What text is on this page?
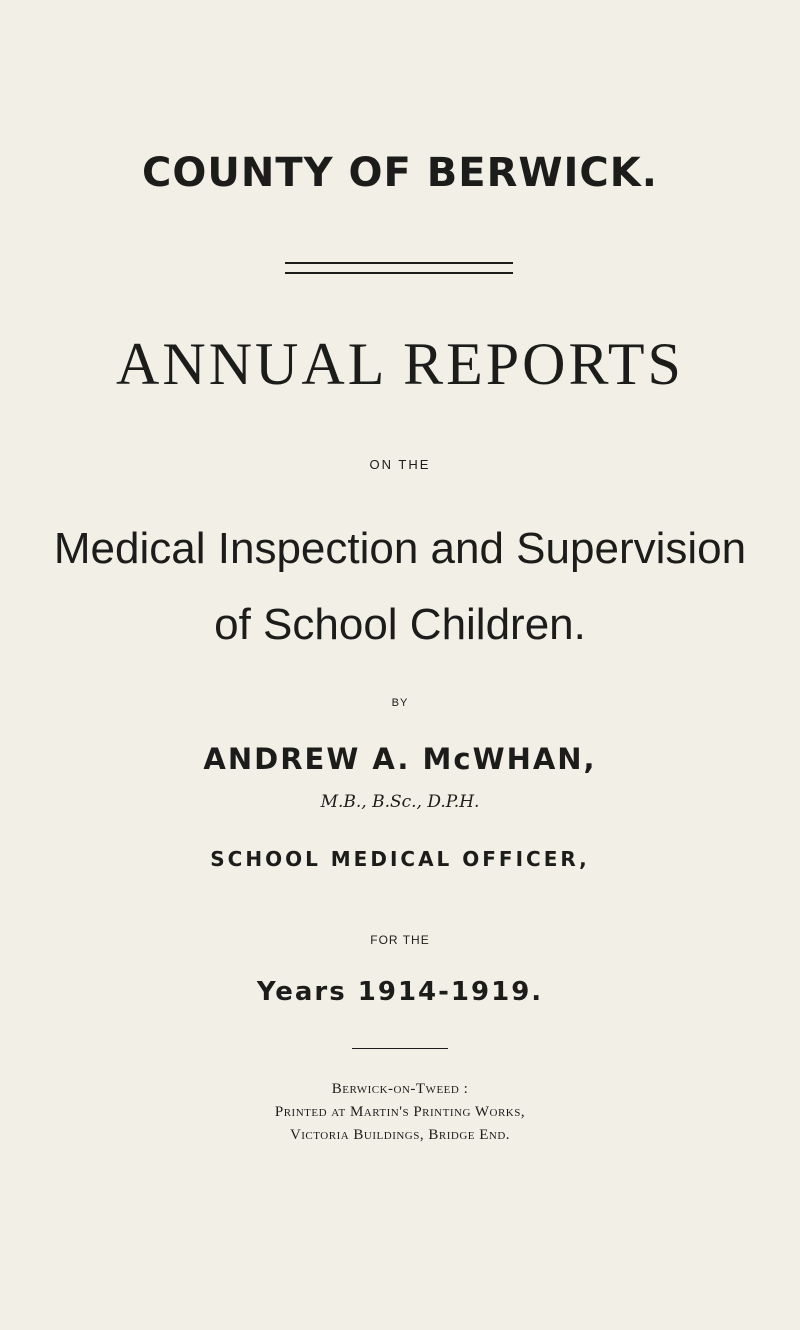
COUNTY OF BERWICK.
ANNUAL REPORTS
ON THE
Medical Inspection and Supervision
of School Children.
BY
ANDREW A. McWHAN,
M.B., B.Sc., D.P.H.
SCHOOL MEDICAL OFFICER,
FOR THE
Years 1914-1919.
Berwick-on-Tweed :
Printed at Martin's Printing Works,
Victoria Buildings, Bridge End.
